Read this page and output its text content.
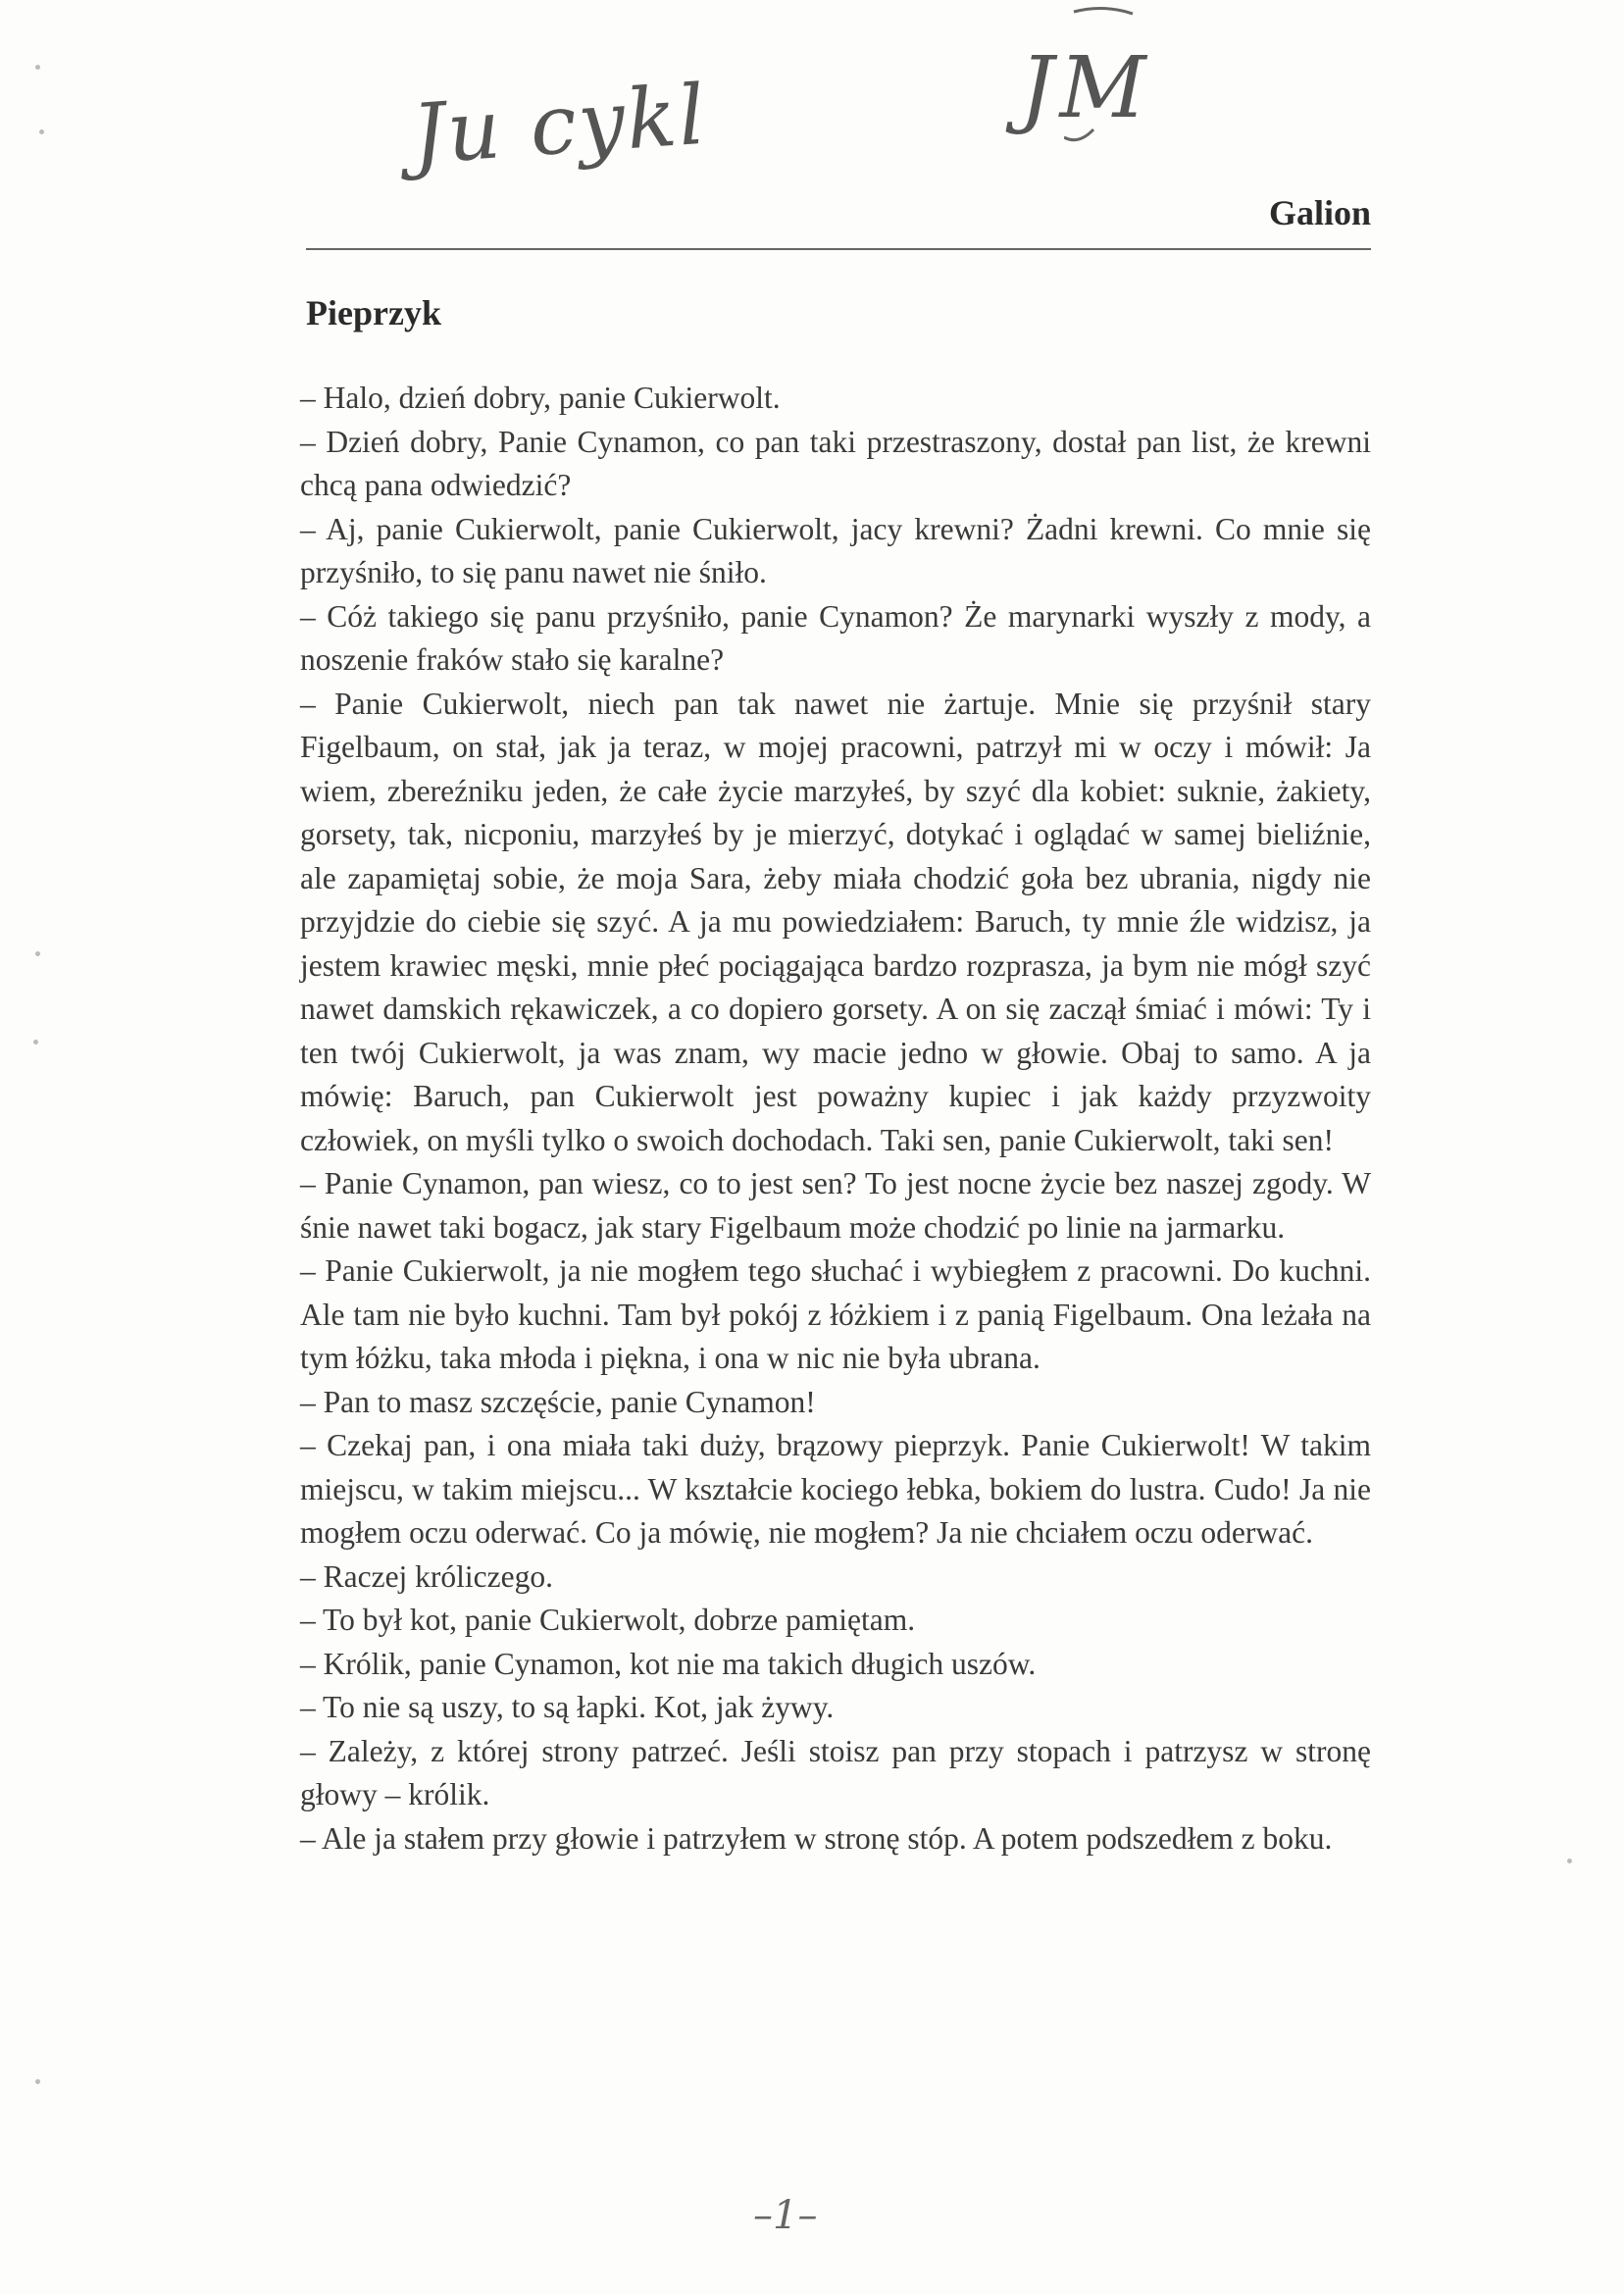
Ju cykl	JM
Galion
Pieprzyk

– Halo, dzień dobry, panie Cukierwolt.

– Dzień dobry, Panie Cynamon, co pan taki przestraszony, dostał pan list, że krewni chcą pana odwiedzić?

– Aj, panie Cukierwolt, panie Cukierwolt, jacy krewni? Żadni krewni. Co mnie się przyśniło, to się panu nawet nie śniło.

– Cóż takiego się panu przyśniło, panie Cynamon? Że marynarki wyszły z mody, a noszenie fraków stało się karalne?

– Panie Cukierwolt, niech pan tak nawet nie żartuje. Mnie się przyśnił stary Figelbaum, on stał, jak ja teraz, w mojej pracowni, patrzył mi w oczy i mówił: Ja wiem, zbereźniku jeden, że całe życie marzyłeś, by szyć dla kobiet: suknie, żakiety, gorsety, tak, nicponiu, marzyłeś by je mierzyć, dotykać i oglądać w samej bieliźnie, ale zapamiętaj sobie, że moja Sara, żeby miała chodzić goła bez ubrania, nigdy nie przyjdzie do ciebie się szyć. A ja mu powiedziałem: Baruch, ty mnie źle widzisz, ja jestem krawiec męski, mnie płeć pociągająca bardzo rozprasza, ja bym nie mógł szyć nawet damskich rękawiczek, a co dopiero gorsety. A on się zaczął śmiać i mówi: Ty i ten twój Cukierwolt, ja was znam, wy macie jedno w głowie. Obaj to samo. A ja mówię: Baruch, pan Cukierwolt jest poważny kupiec i jak każdy przyzwoity człowiek, on myśli tylko o swoich dochodach. Taki sen, panie Cukierwolt, taki sen!

– Panie Cynamon, pan wiesz, co to jest sen? To jest nocne życie bez naszej zgody. W śnie nawet taki bogacz, jak stary Figelbaum może chodzić po linie na jarmarku.

– Panie Cukierwolt, ja nie mogłem tego słuchać i wybiegłem z pracowni. Do kuchni. Ale tam nie było kuchni. Tam był pokój z łóżkiem i z panią Figelbaum. Ona leżała na tym łóżku, taka młoda i piękna, i ona w nic nie była ubrana.

– Pan to masz szczęście, panie Cynamon!

– Czekaj pan, i ona miała taki duży, brązowy pieprzyk. Panie Cukierwolt! W takim miejscu, w takim miejscu... W kształcie kociego łebka, bokiem do lustra. Cudo! Ja nie mogłem oczu oderwać. Co ja mówię, nie mogłem? Ja nie chciałem oczu oderwać.

– Raczej króliczego.

– To był kot, panie Cukierwolt, dobrze pamiętam.

– Królik, panie Cynamon, kot nie ma takich długich uszów.

– To nie są uszy, to są łapki. Kot, jak żywy.

– Zależy, z której strony patrzeć. Jeśli stoisz pan przy stopach i patrzysz w stronę głowy – królik.

– Ale ja stałem przy głowie i patrzyłem w stronę stóp. A potem podszedłem z boku.

–1–
